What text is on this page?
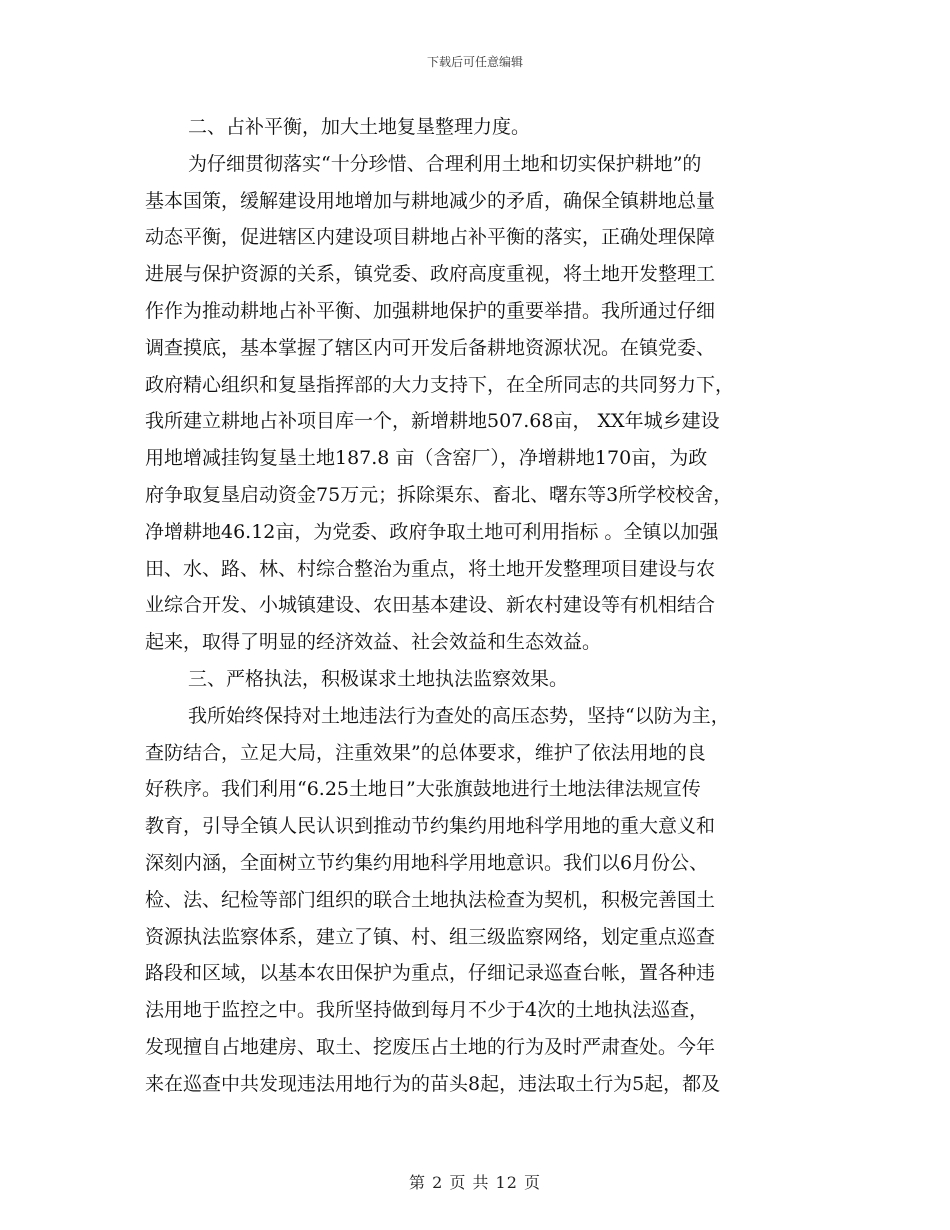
下载后可任意编辑
二、占补平衡，加大土地复垦整理力度。
为仔细贯彻落实“十分珍惜、合理利用土地和切实保护耕地”的
基本国策，缓解建设用地增加与耕地减少的矛盾，确保全镇耕地总量
动态平衡，促进辖区内建设项目耕地占补平衡的落实，正确处理保障
进展与保护资源的关系，镇党委、政府高度重视，将土地开发整理工
作作为推动耕地占补平衡、加强耕地保护的重要举措。我所通过仔细
调查摸底，基本掌握了辖区内可开发后备耕地资源状况。在镇党委、
政府精心组织和复垦指挥部的大力支持下，在全所同志的共同努力下，
我所建立耕地占补项目库一个，新增耕地507.68亩， XX年城乡建设
用地增减挂钩复垦土地187.8 亩（含窑厂），净增耕地170亩，为政
府争取复垦启动资金75万元；拆除渠东、畜北、曙东等3所学校校舍，
净增耕地46.12亩，为党委、政府争取土地可利用指标 。全镇以加强
田、水、路、林、村综合整治为重点，将土地开发整理项目建设与农
业综合开发、小城镇建设、农田基本建设、新农村建设等有机相结合
起来，取得了明显的经济效益、社会效益和生态效益。
三、严格执法，积极谋求土地执法监察效果。
我所始终保持对土地违法行为查处的高压态势，坚持“以防为主，
查防结合，立足大局，注重效果”的总体要求，维护了依法用地的良
好秩序。我们利用“6.25土地日”大张旗鼓地进行土地法律法规宣传
教育，引导全镇人民认识到推动节约集约用地科学用地的重大意义和
深刻内涵，全面树立节约集约用地科学用地意识。我们以6月份公、
检、法、纪检等部门组织的联合土地执法检查为契机，积极完善国土
资源执法监察体系，建立了镇、村、组三级监察网络，划定重点巡查
路段和区域，以基本农田保护为重点，仔细记录巡查台帐，置各种违
法用地于监控之中。我所坚持做到每月不少于4次的土地执法巡查，
发现擅自占地建房、取土、挖废压占土地的行为及时严肃查处。今年
来在巡查中共发现违法用地行为的苗头8起，违法取土行为5起，都及
第 2 页 共 12 页
